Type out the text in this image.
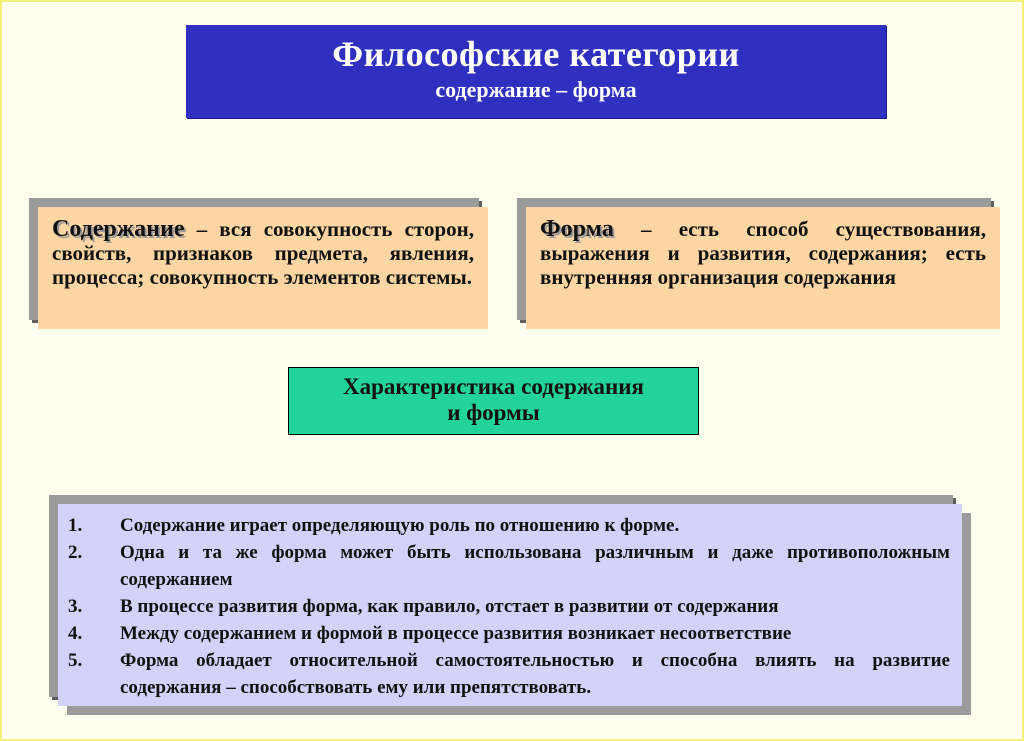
Философские категории
содержание – форма
Содержание – вся совокупность сторон, свойств, признаков предмета, явления, процесса; совокупность элементов системы.
Форма – есть способ существования, выражения и развития, содержания; есть внутренняя организация содержания
Характеристика содержания
и формы
1.	Содержание играет определяющую роль по отношению к форме.
2.	Одна и та же форма может быть использована различным и даже противоположным содержанием
3.	В процессе развития форма, как правило, отстает в развитии от содержания
4.	Между содержанием и формой в процессе развития возникает несоответствие
5.	Форма обладает относительной самостоятельностью и способна влиять на развитие содержания – способствовать ему или препятствовать.
